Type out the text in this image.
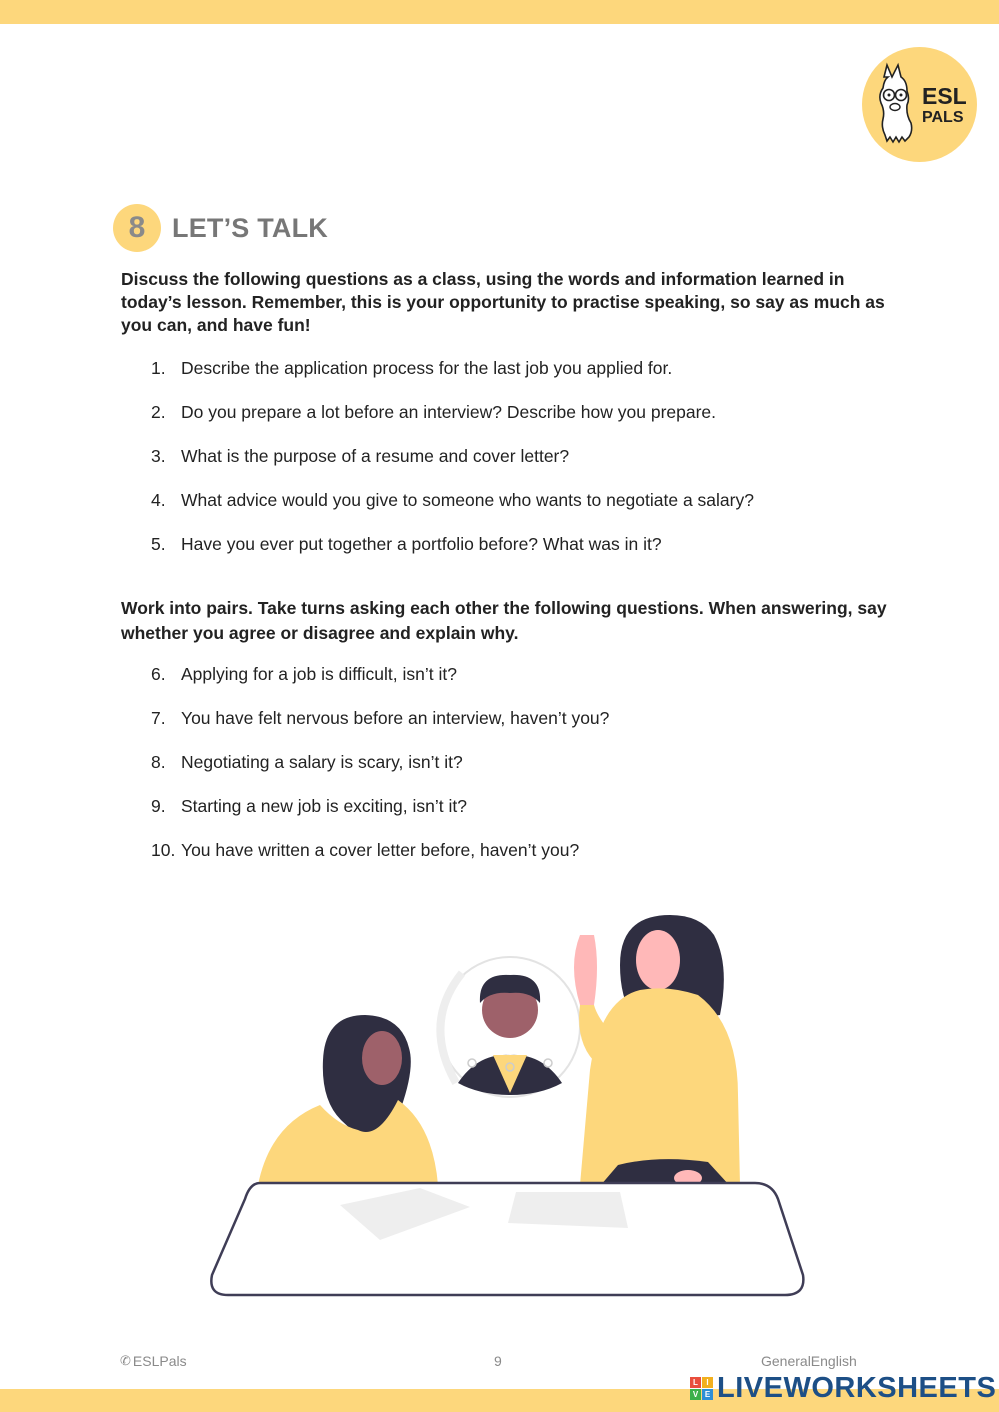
ESL
PALS
8 LET’S TALK

Discuss the following questions as a class, using the words and information learned in today’s lesson. Remember, this is your opportunity to practise speaking, so say as much as you can, and have fun!

1. Describe the application process for the last job you applied for.
2. Do you prepare a lot before an interview? Describe how you prepare.
3. What is the purpose of a resume and cover letter?
4. What advice would you give to someone who wants to negotiate a salary?
5. Have you ever put together a portfolio before? What was in it?

Work into pairs. Take turns asking each other the following questions. When answering, say whether you agree or disagree and explain why.

6. Applying for a job is difficult, isn’t it?
7. You have felt nervous before an interview, haven’t you?
8. Negotiating a salary is scary, isn’t it?
9. Starting a new job is exciting, isn’t it?
10. You have written a cover letter before, haven’t you?
✆ ESLPals	9	GeneralEnglish
L	I
V E LIVEWORKSHEETS
